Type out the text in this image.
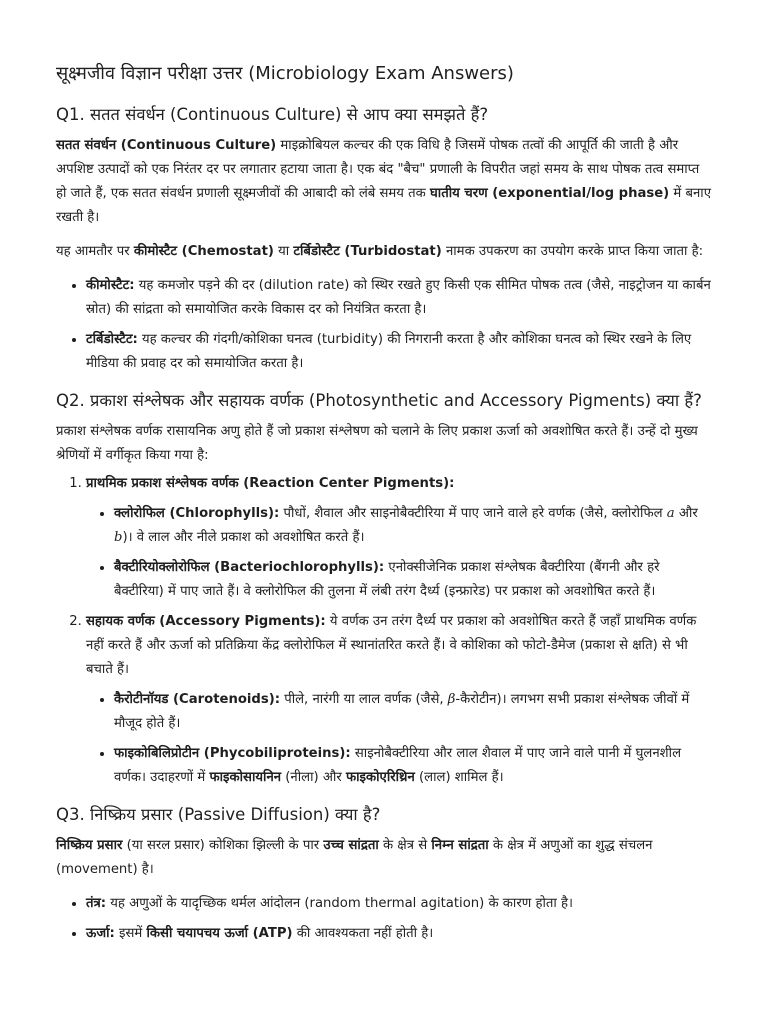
सूक्ष्मजीव विज्ञान परीक्षा उत्तर (Microbiology Exam Answers)
Q1. सतत संवर्धन (Continuous Culture) से आप क्या समझते हैं?

सतत संवर्धन (Continuous Culture) माइक्रोबियल कल्चर की एक विधि है जिसमें पोषक तत्वों की आपूर्ति की जाती है और अपशिष्ट उत्पादों को एक निरंतर दर पर लगातार हटाया जाता है। एक बंद "बैच" प्रणाली के विपरीत जहां समय के साथ पोषक तत्व समाप्त हो जाते हैं, एक सतत संवर्धन प्रणाली सूक्ष्मजीवों की आबादी को लंबे समय तक घातीय चरण (exponential/log phase) में बनाए रखती है।

यह आमतौर पर कीमोस्टैट (Chemostat) या टर्बिडोस्टैट (Turbidostat) नामक उपकरण का उपयोग करके प्राप्त किया जाता है:

• कीमोस्टैट: यह कमजोर पड़ने की दर (dilution rate) को स्थिर रखते हुए किसी एक सीमित पोषक तत्व (जैसे, नाइट्रोजन या कार्बन स्रोत) की सांद्रता को समायोजित करके विकास दर को नियंत्रित करता है।
• टर्बिडोस्टैट: यह कल्चर की गंदगी/कोशिका घनत्व (turbidity) की निगरानी करता है और कोशिका घनत्व को स्थिर रखने के लिए मीडिया की प्रवाह दर को समायोजित करता है।
Q2. प्रकाश संश्लेषक और सहायक वर्णक (Photosynthetic and Accessory Pigments) क्या हैं?

प्रकाश संश्लेषक वर्णक रासायनिक अणु होते हैं जो प्रकाश संश्लेषण को चलाने के लिए प्रकाश ऊर्जा को अवशोषित करते हैं। उन्हें दो मुख्य श्रेणियों में वर्गीकृत किया गया है:

1. प्राथमिक प्रकाश संश्लेषक वर्णक (Reaction Center Pigments):
• क्लोरोफिल (Chlorophylls): पौधों, शैवाल और साइनोबैक्टीरिया में पाए जाने वाले हरे वर्णक (जैसे, क्लोरोफिल a और b)। वे लाल और नीले प्रकाश को अवशोषित करते हैं।
• बैक्टीरियोक्लोरोफिल (Bacteriochlorophylls): एनोक्सीजेनिक प्रकाश संश्लेषक बैक्टीरिया (बैंगनी और हरे बैक्टीरिया) में पाए जाते हैं। वे क्लोरोफिल की तुलना में लंबी तरंग दैर्ध्य (इन्फ्रारेड) पर प्रकाश को अवशोषित करते हैं।
2. सहायक वर्णक (Accessory Pigments): ये वर्णक उन तरंग दैर्ध्य पर प्रकाश को अवशोषित करते हैं जहाँ प्राथमिक वर्णक नहीं करते हैं और ऊर्जा को प्रतिक्रिया केंद्र क्लोरोफिल में स्थानांतरित करते हैं। वे कोशिका को फोटो-डैमेज (प्रकाश से क्षति) से भी बचाते हैं।
• कैरोटीनॉयड (Carotenoids): पीले, नारंगी या लाल वर्णक (जैसे, β-कैरोटीन)। लगभग सभी प्रकाश संश्लेषक जीवों में मौजूद होते हैं।
• फाइकोबिलिप्रोटीन (Phycobiliproteins): साइनोबैक्टीरिया और लाल शैवाल में पाए जाने वाले पानी में घुलनशील वर्णक। उदाहरणों में फाइकोसायनिन (नीला) और फाइकोएरिथ्रिन (लाल) शामिल हैं।
Q3. निष्क्रिय प्रसार (Passive Diffusion) क्या है?

निष्क्रिय प्रसार (या सरल प्रसार) कोशिका झिल्ली के पार उच्च सांद्रता के क्षेत्र से निम्न सांद्रता के क्षेत्र में अणुओं का शुद्ध संचलन (movement) है।

• तंत्र: यह अणुओं के यादृच्छिक थर्मल आंदोलन (random thermal agitation) के कारण होता है।
• ऊर्जा: इसमें किसी चयापचय ऊर्जा (ATP) की आवश्यकता नहीं होती है।
